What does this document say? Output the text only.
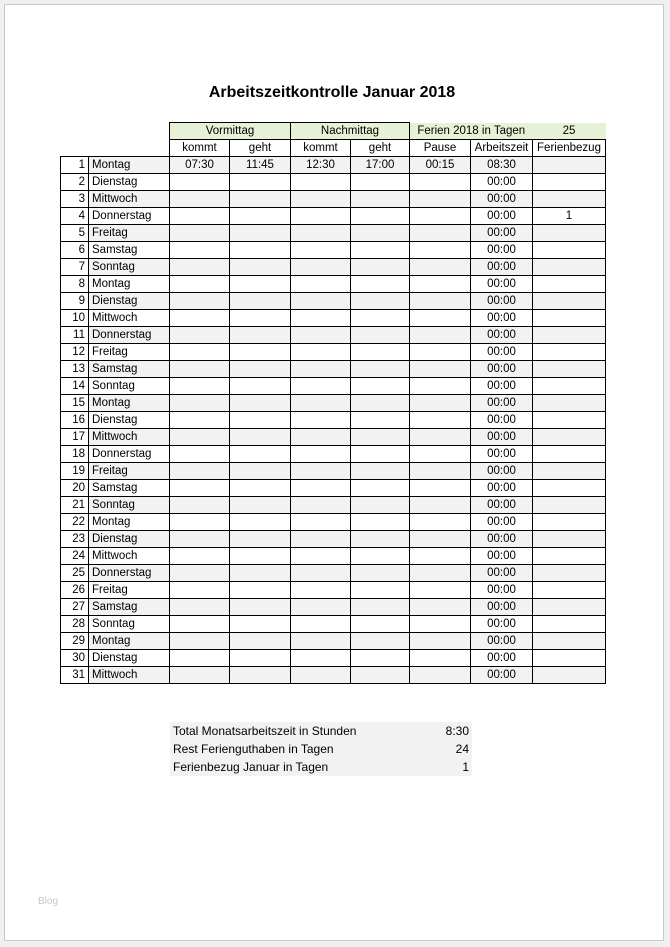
Arbeitszeitkontrolle Januar 2018
		Vormittag		Nachmittag		Ferien 2018 in Tagen		25
		kommt	geht	kommt	geht	Pause	Arbeitszeit	Ferienbezug
1	Montag	07:30	11:45	12:30	17:00	00:15	08:30	
2	Dienstag						00:00	
3	Mittwoch						00:00	
4	Donnerstag						00:00	1
5	Freitag						00:00	
6	Samstag						00:00	
7	Sonntag						00:00	
8	Montag						00:00	
9	Dienstag						00:00	
10	Mittwoch						00:00	
11	Donnerstag						00:00	
12	Freitag						00:00	
13	Samstag						00:00	
14	Sonntag						00:00	
15	Montag						00:00	
16	Dienstag						00:00	
17	Mittwoch						00:00	
18	Donnerstag						00:00	
19	Freitag						00:00	
20	Samstag						00:00	
21	Sonntag						00:00	
22	Montag						00:00	
23	Dienstag						00:00	
24	Mittwoch						00:00	
25	Donnerstag						00:00	
26	Freitag						00:00	
27	Samstag						00:00	
28	Sonntag						00:00	
29	Montag						00:00	
30	Dienstag						00:00	
31	Mittwoch						00:00	
Total Monatsarbeitszeit in Stunden	8:30
Rest Ferienguthaben in Tagen	24
Ferienbezug Januar in Tagen	1
Blog
